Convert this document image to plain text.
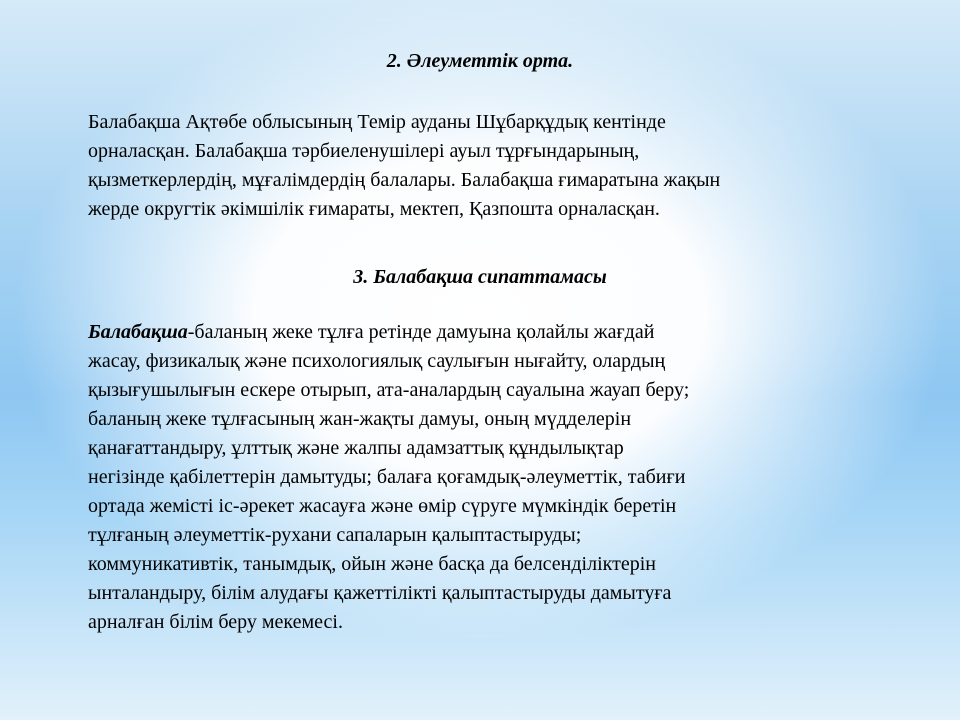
2. Әлеуметтік орта.

Балабақша Ақтөбе облысының Темір ауданы Шұбарқұдық кентінде
орналасқан. Балабақша тәрбиеленушілері ауыл тұрғындарының,
қызметкерлердің, мұғалімдердің балалары. Балабақша ғимаратына жақын
жерде округтік әкімшілік ғимараты, мектеп, Қазпошта орналасқан.

3. Балабақша сипаттамасы

Балабақша-баланың жеке тұлға ретінде дамуына қолайлы жағдай
жасау, физикалық және психологиялық саулығын нығайту, олардың
қызығушылығын ескере отырып, ата-аналардың сауалына жауап беру;
баланың жеке тұлғасының жан-жақты дамуы, оның мүдделерін
қанағаттандыру, ұлттық және жалпы адамзаттық құндылықтар
негізінде қабілеттерін дамытуды; балаға қоғамдық-әлеуметтік, табиғи
ортада жемісті іс-әрекет жасауға және өмір сүруге мүмкіндік беретін
тұлғаның әлеуметтік-рухани сапаларын қалыптастыруды;
коммуникативтік, танымдық, ойын және басқа да белсенділіктерін
ынталандыру, білім алудағы қажеттілікті қалыптастыруды дамытуға
арналған білім беру мекемесі.
